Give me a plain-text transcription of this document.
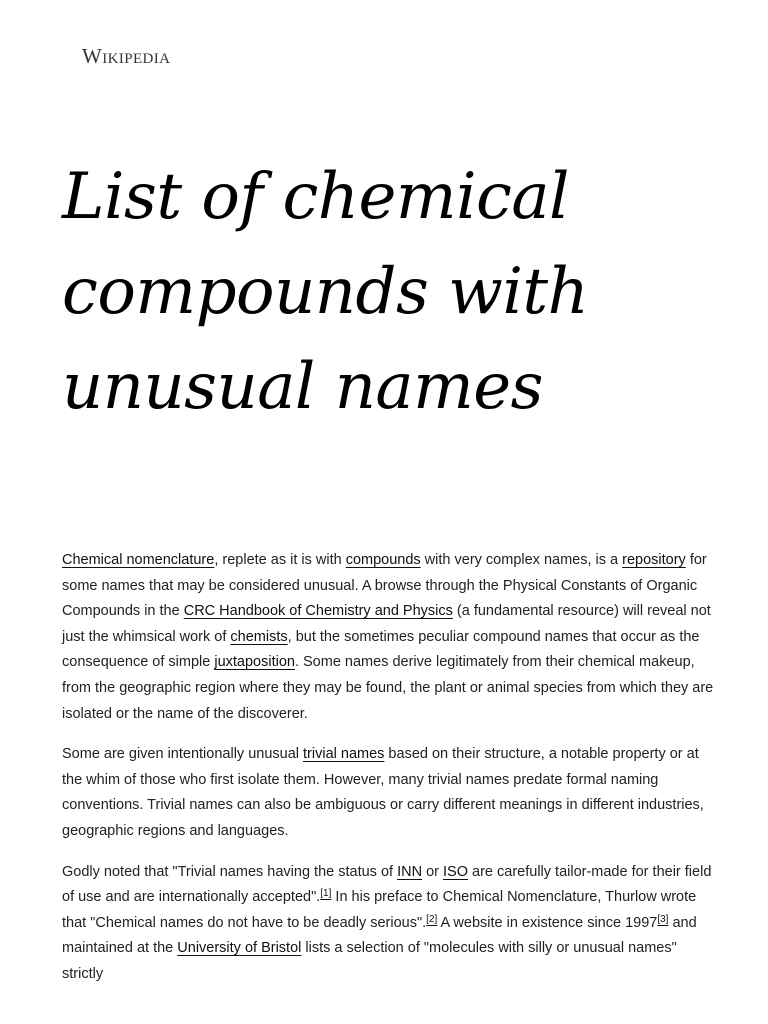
Wikipedia
List of chemical compounds with unusual names

Chemical nomenclature, replete as it is with compounds with very complex names, is a repository for some names that may be considered unusual. A browse through the Physical Constants of Organic Compounds in the CRC Handbook of Chemistry and Physics (a fundamental resource) will reveal not just the whimsical work of chemists, but the sometimes peculiar compound names that occur as the consequence of simple juxtaposition. Some names derive legitimately from their chemical makeup, from the geographic region where they may be found, the plant or animal species from which they are isolated or the name of the discoverer.

Some are given intentionally unusual trivial names based on their structure, a notable property or at the whim of those who first isolate them. However, many trivial names predate formal naming conventions. Trivial names can also be ambiguous or carry different meanings in different industries, geographic regions and languages.

Godly noted that "Trivial names having the status of INN or ISO are carefully tailor-made for their field of use and are internationally accepted".[1] In his preface to Chemical Nomenclature, Thurlow wrote that "Chemical names do not have to be deadly serious".[2] A website in existence since 1997[3] and maintained at the University of Bristol lists a selection of "molecules with silly or unusual names" strictly
